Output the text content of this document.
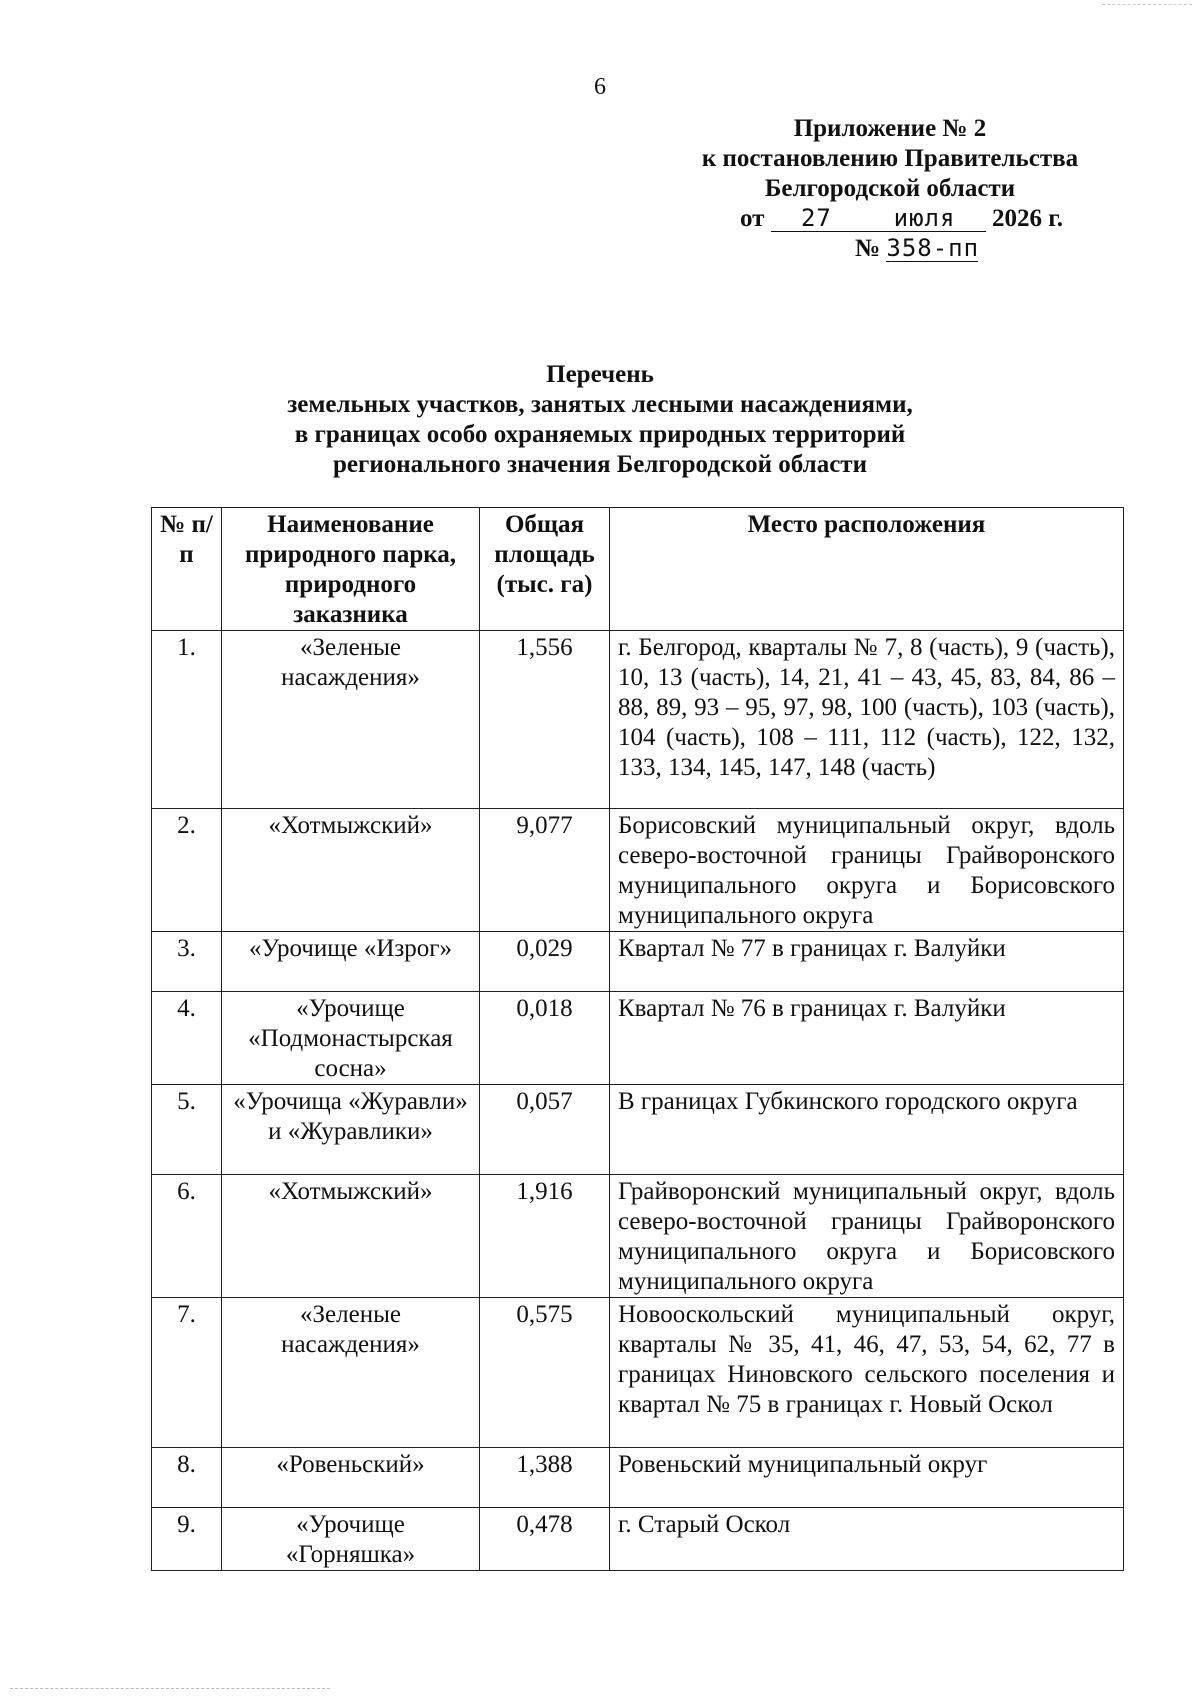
6
Приложение № 2
к постановлению Правительства
Белгородской области
от 27	июля 2026 г.
№ 358-пп
Перечень
земельных участков, занятых лесными насаждениями,
в границах особо охраняемых природных территорий
регионального значения Белгородской области
№ п/п	Наименование природного парка, природного заказника	Общая площадь (тыс. га)	Место расположения
1.	«Зеленые насаждения»	1,556	г. Белгород, кварталы № 7, 8 (часть), 9 (часть), 10, 13 (часть), 14, 21, 41 – 43, 45, 83, 84, 86 – 88, 89, 93 – 95, 97, 98, 100 (часть), 103 (часть), 104 (часть), 108 – 111, 112 (часть), 122, 132, 133, 134, 145, 147, 148 (часть)
2.	«Хотмыжский»	9,077	Борисовский муниципальный округ, вдоль северо-восточной границы Грайворонского муниципального округа и Борисовского муниципального округа
3.	«Урочище «Изрог»	0,029	Квартал № 77 в границах г. Валуйки
4.	«Урочище «Подмонастырская сосна»	0,018	Квартал № 76 в границах г. Валуйки
5.	«Урочища «Журавли» и «Журавлики»	0,057	В границах Губкинского городского округа
6.	«Хотмыжский»	1,916	Грайворонский муниципальный округ, вдоль северо-восточной границы Грайворонского муниципального округа и Борисовского муниципального округа
7.	«Зеленые насаждения»	0,575	Новооскольский муниципальный округ, кварталы № 35, 41, 46, 47, 53, 54, 62, 77 в границах Ниновского сельского поселения и квартал № 75 в границах г. Новый Оскол
8.	«Ровеньский»	1,388	Ровеньский муниципальный округ
9.	«Урочище «Горняшка»	0,478	г. Старый Оскол
